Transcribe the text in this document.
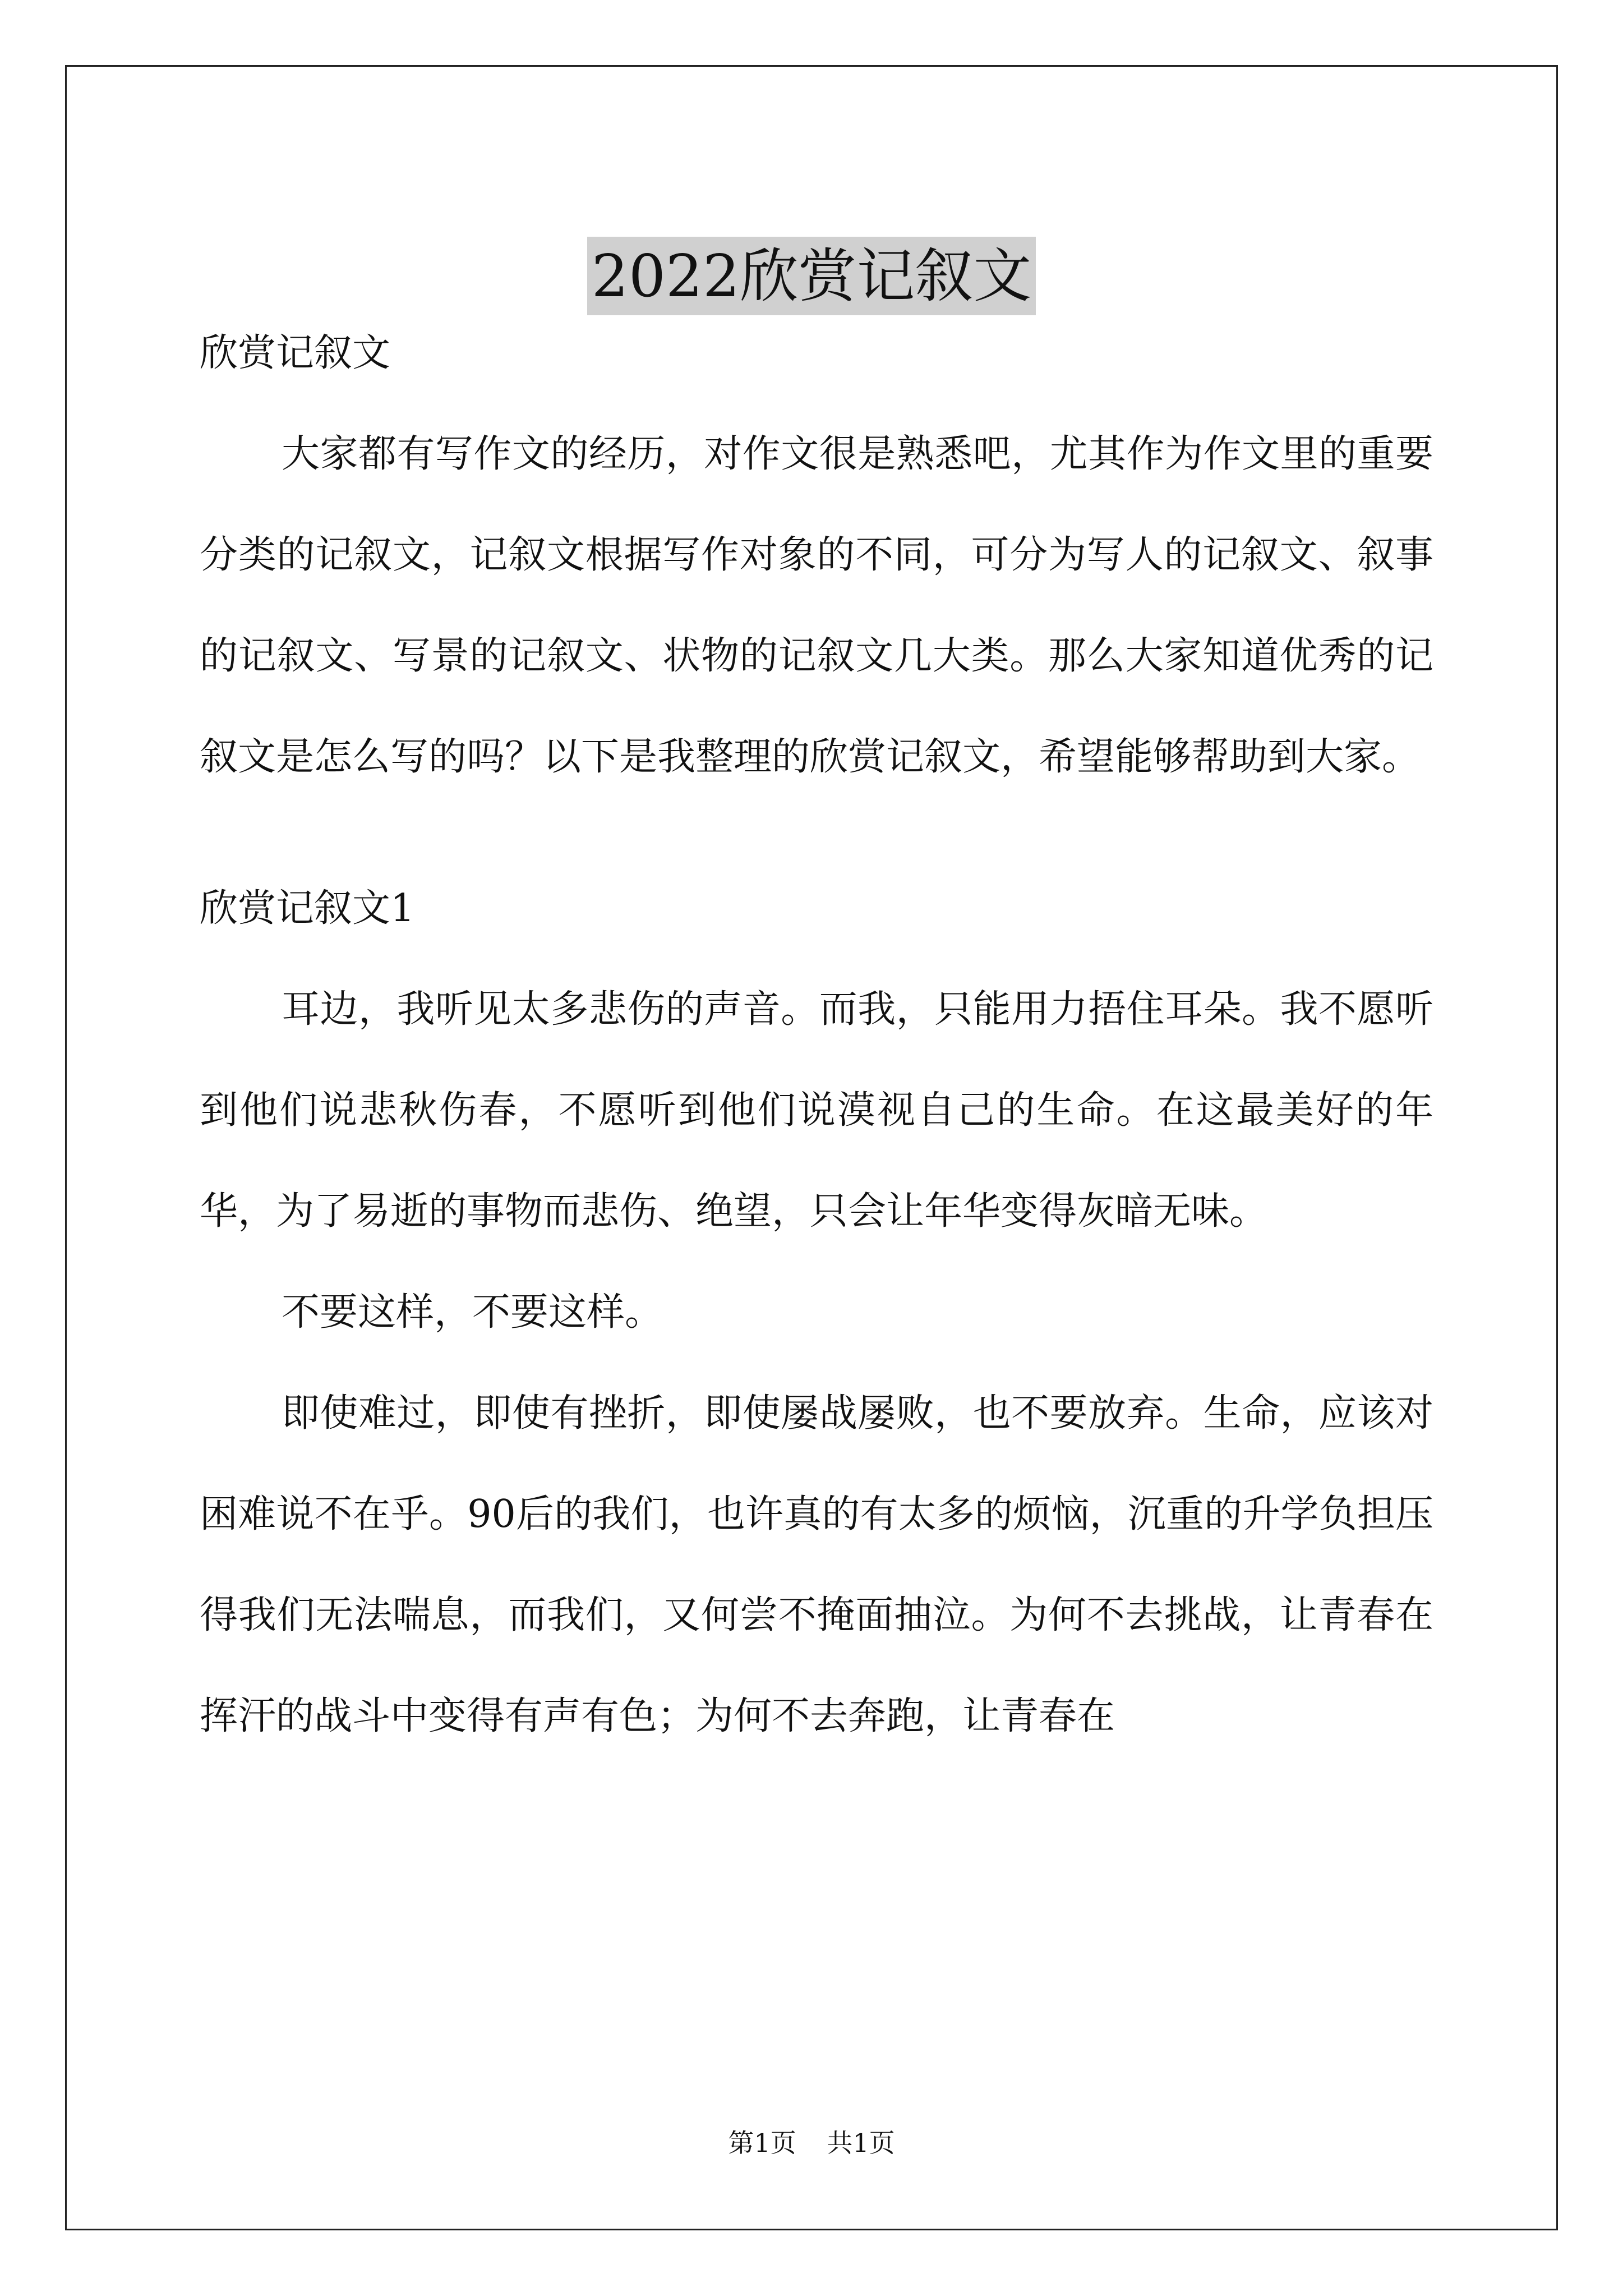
2022欣赏记叙文

欣赏记叙文

大家都有写作文的经历，对作文很是熟悉吧，尤其作为作文里的重要分类的记叙文，记叙文根据写作对象的不同，可分为写人的记叙文、叙事的记叙文、写景的记叙文、状物的记叙文几大类。那么大家知道优秀的记叙文是怎么写的吗？以下是我整理的欣赏记叙文，希望能够帮助到大家。

欣赏记叙文1

耳边，我听见太多悲伤的声音。而我，只能用力捂住耳朵。我不愿听到他们说悲秋伤春，不愿听到他们说漠视自己的生命。在这最美好的年华，为了易逝的事物而悲伤、绝望，只会让年华变得灰暗无味。

不要这样，不要这样。

即使难过，即使有挫折，即使屡战屡败，也不要放弃。生命，应该对困难说不在乎。90后的我们，也许真的有太多的烦恼，沉重的升学负担压得我们无法喘息，而我们，又何尝不掩面抽泣。为何不去挑战，让青春在挥汗的战斗中变得有声有色；为何不去奔跑，让青春在

第1页 共1页
